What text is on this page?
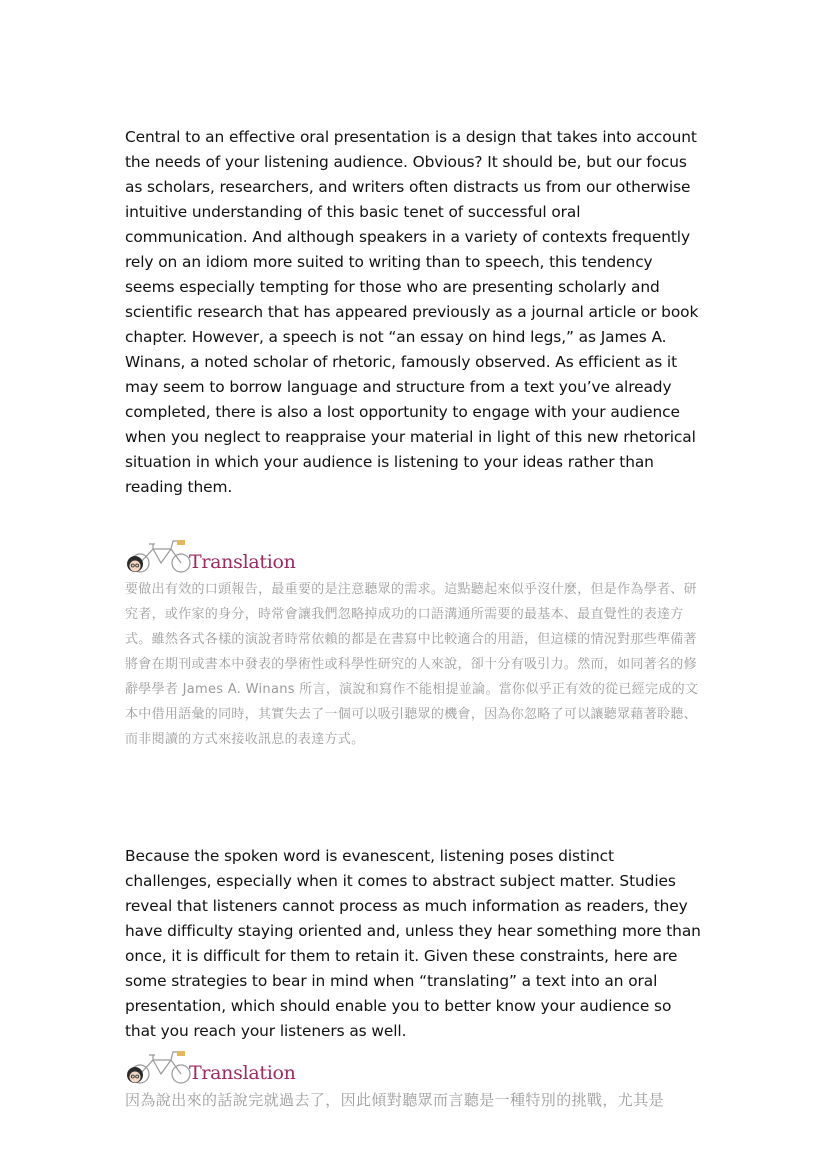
Central to an effective oral presentation is a design that takes into account the needs of your listening audience. Obvious? It should be, but our focus as scholars, researchers, and writers often distracts us from our otherwise intuitive understanding of this basic tenet of successful oral communication. And although speakers in a variety of contexts frequently rely on an idiom more suited to writing than to speech, this tendency seems especially tempting for those who are presenting scholarly and scientific research that has appeared previously as a journal article or book chapter. However, a speech is not “an essay on hind legs,” as James A. Winans, a noted scholar of rhetoric, famously observed. As efficient as it may seem to borrow language and structure from a text you’ve already completed, there is also a lost opportunity to engage with your audience when you neglect to reappraise your material in light of this new rhetorical situation in which your audience is listening to your ideas rather than reading them.

Translation

要做出有效的口頭報告，最重要的是注意聽眾的需求。這點聽起來似乎沒什麼，但是作為學者、研究者，或作家的身分，時常會讓我們忽略掉成功的口語溝通所需要的最基本、最直覺性的表達方式。雖然各式各樣的演說者時常依賴的都是在書寫中比較適合的用語，但這樣的情況對那些準備著將會在期刊或書本中發表的學術性或科學性研究的人來說，卻十分有吸引力。然而，如同著名的修辭學學者 James A. Winans 所言，演說和寫作不能相提並論。當你似乎正有效的從已經完成的文本中借用語彙的同時，其實失去了一個可以吸引聽眾的機會，因為你忽略了可以讓聽眾藉著聆聽、而非閱讀的方式來接收訊息的表達方式。

Because the spoken word is evanescent, listening poses distinct challenges, especially when it comes to abstract subject matter. Studies reveal that listeners cannot process as much information as readers, they have difficulty staying oriented and, unless they hear something more than once, it is difficult for them to retain it. Given these constraints, here are some strategies to bear in mind when “translating” a text into an oral presentation, which should enable you to better know your audience so that you reach your listeners as well.

Translation

因為說出來的話說完就過去了，因此傾對聽眾而言聽是一種特別的挑戰，尤其是
